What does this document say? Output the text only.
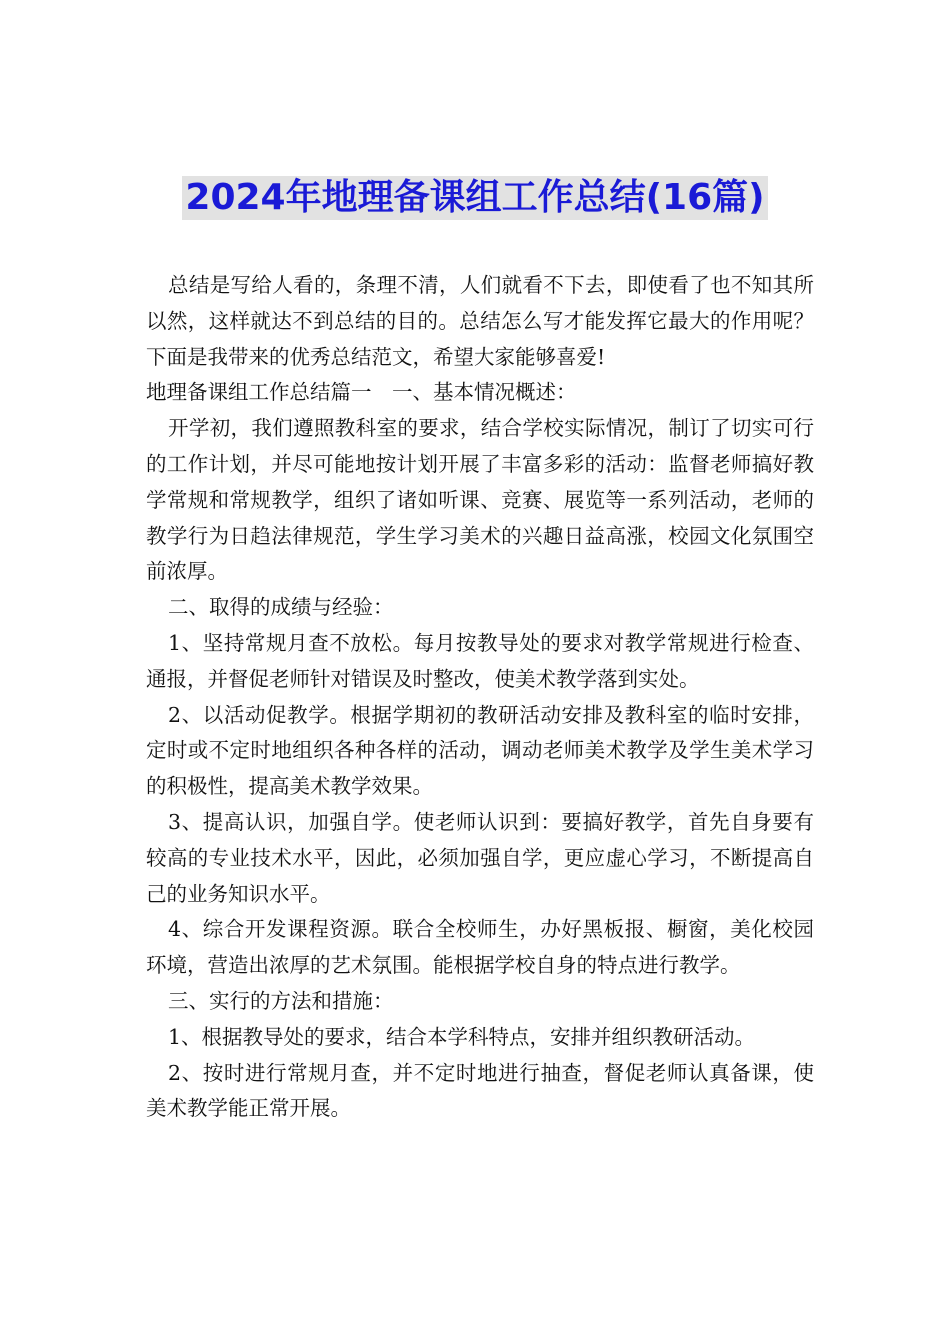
2024年地理备课组工作总结(16篇)

总结是写给人看的，条理不清，人们就看不下去，即使看了也不知其所以然，这样就达不到总结的目的。总结怎么写才能发挥它最大的作用呢？下面是我带来的优秀总结范文，希望大家能够喜爱!

地理备课组工作总结篇一　一、基本情况概述：

开学初，我们遵照教科室的要求，结合学校实际情况，制订了切实可行的工作计划，并尽可能地按计划开展了丰富多彩的活动：监督老师搞好教学常规和常规教学，组织了诸如听课、竞赛、展览等一系列活动，老师的教学行为日趋法律规范，学生学习美术的兴趣日益高涨，校园文化氛围空前浓厚。

二、取得的成绩与经验：

1、坚持常规月查不放松。每月按教导处的要求对教学常规进行检查、通报，并督促老师针对错误及时整改，使美术教学落到实处。

2、以活动促教学。根据学期初的教研活动安排及教科室的临时安排，定时或不定时地组织各种各样的活动，调动老师美术教学及学生美术学习的积极性，提高美术教学效果。

3、提高认识，加强自学。使老师认识到：要搞好教学，首先自身要有较高的专业技术水平，因此，必须加强自学，更应虚心学习，不断提高自己的业务知识水平。

4、综合开发课程资源。联合全校师生，办好黑板报、橱窗，美化校园环境，营造出浓厚的艺术氛围。能根据学校自身的特点进行教学。

三、实行的方法和措施：

1、根据教导处的要求，结合本学科特点，安排并组织教研活动。

2、按时进行常规月查，并不定时地进行抽查，督促老师认真备课，使美术教学能正常开展。
